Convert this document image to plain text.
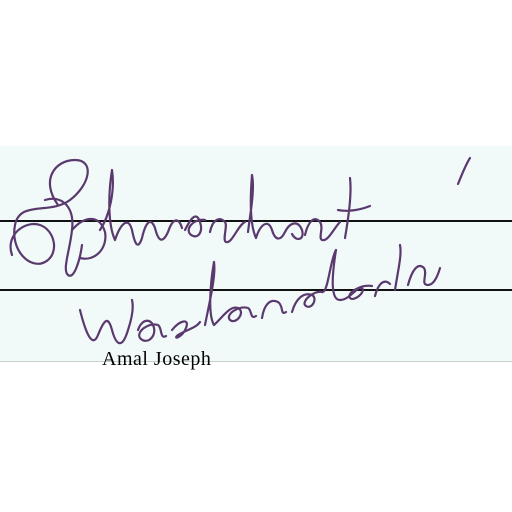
Amal Joseph
